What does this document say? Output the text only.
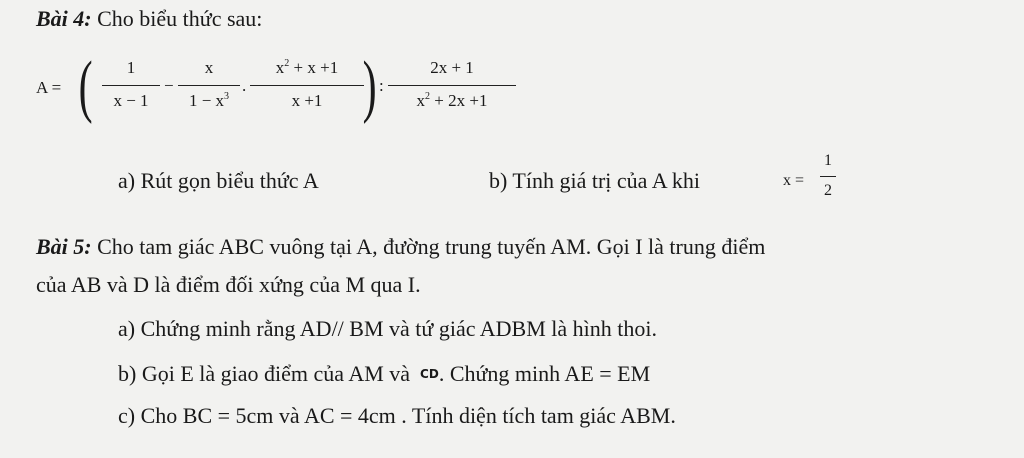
Bài 4: Cho biểu thức sau:
A = (	1
x − 1
−
x
$1 - x^3$
.
$x^2 + x +1$
x +1 ) :
2x + 1
$x^2 + 2x +1$
a) Rút gọn biểu thức A	b) Tính giá trị của A khi	x =
1
2
Bài 5: Cho tam giác ABC vuông tại A, đường trung tuyến AM. Gọi I là trung điểm
của AB và D là điểm đối xứng của M qua I.
a) Chứng minh rằng AD// BM và tứ giác ADBM là hình thoi.
b) Gọi E là giao điểm của AM và CD. Chứng minh AE = EM
c) Cho BC = 5cm và AC = 4cm . Tính diện tích tam giác ABM.
